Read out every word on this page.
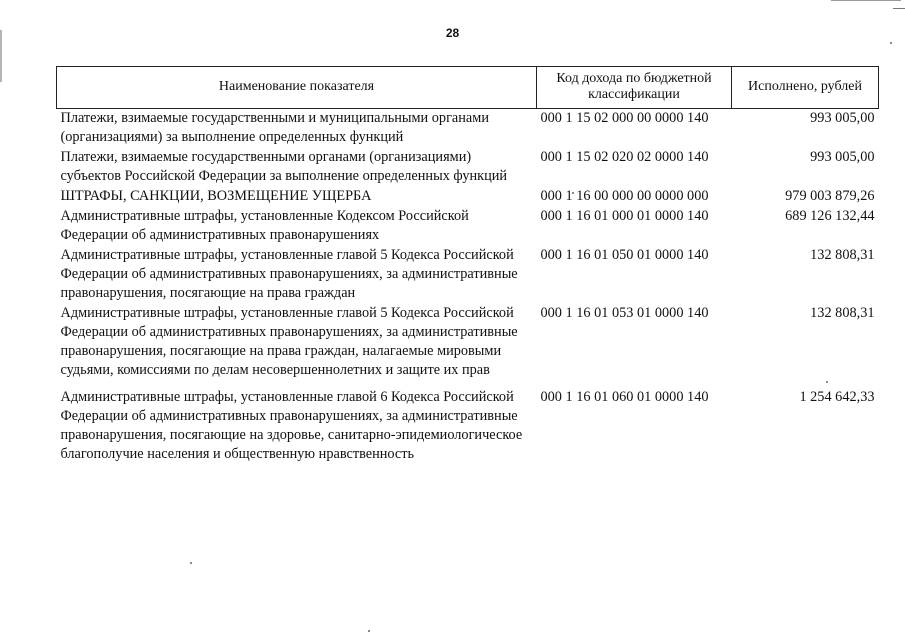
28
Наименование показателя	Код дохода по бюджетной классификации	Исполнено, рублей
Платежи, взимаемые государственными и муниципальными органами (организациями) за выполнение определенных функций	000 1 15 02 000 00 0000 140	993 005,00
Платежи, взимаемые государственными органами (организациями) субъектов Российской Федерации за выполнение определенных функций	000 1 15 02 020 02 0000 140	993 005,00
ШТРАФЫ, САНКЦИИ, ВОЗМЕЩЕНИЕ УЩЕРБА	000 1 16 00 000 00 0000 000	979 003 879,26
Административные штрафы, установленные Кодексом Российской Федерации об административных правонарушениях	000 1 16 01 000 01 0000 140	689 126 132,44
Административные штрафы, установленные главой 5 Кодекса Российской Федерации об административных правонарушениях, за административные правонарушения, посягающие на права граждан	000 1 16 01 050 01 0000 140	132 808,31
Административные штрафы, установленные главой 5 Кодекса Российской Федерации об административных правонарушениях, за административные правонарушения, посягающие на права граждан, налагаемые мировыми судьями, комиссиями по делам несовершеннолетних и защите их прав	000 1 16 01 053 01 0000 140	132 808,31
Административные штрафы, установленные главой 6 Кодекса Российской Федерации об административных правонарушениях, за административные правонарушения, посягающие на здоровье, санитарно-эпидемиологическое благополучие населения и общественную нравственность	000 1 16 01 060 01 0000 140	1 254 642,33
